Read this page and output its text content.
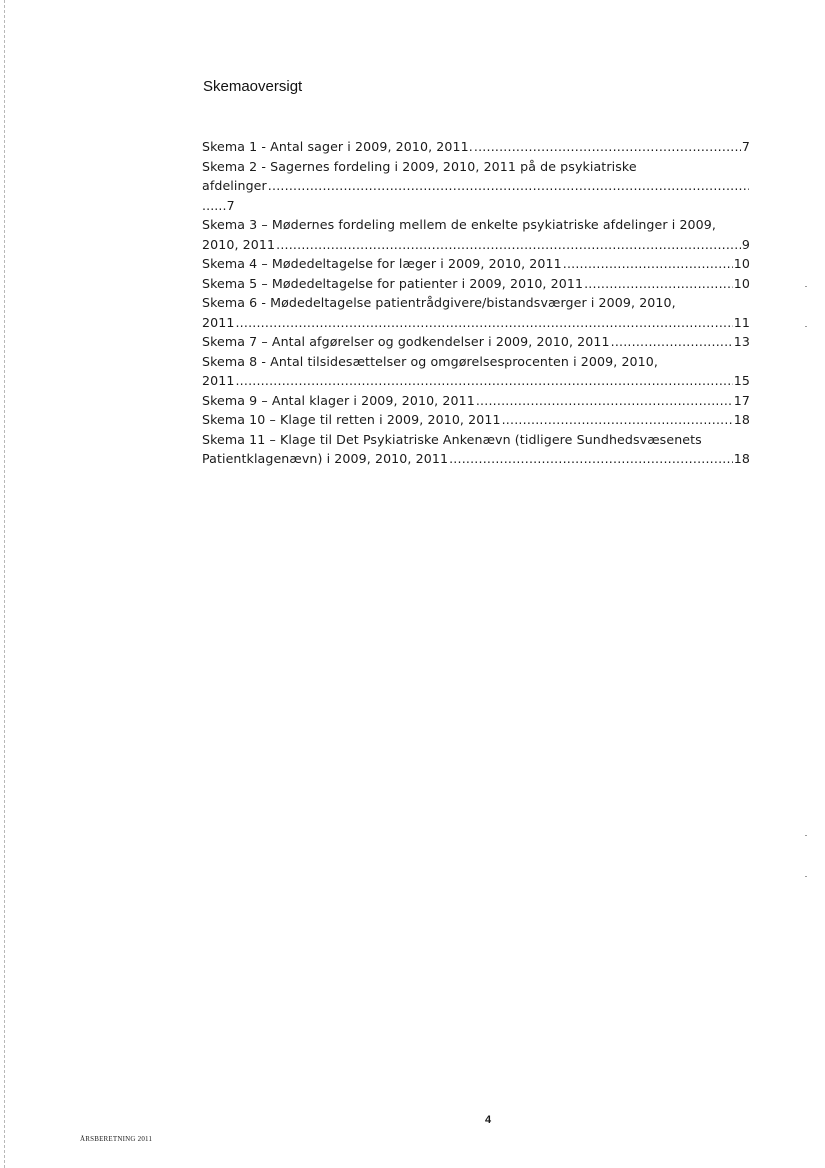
Skemaoversigt
Skema 1 - Antal sager i 2009, 2010, 2011. .....	7
Skema 2 - Sagernes fordeling i 2009, 2010, 2011 på de psykiatriske
afdelinger
.....
......7
Skema 3 – Mødernes fordeling mellem de enkelte psykiatriske afdelinger i 2009,
2010, 2011 .....	9
Skema 4 – Mødedeltagelse for læger i 2009, 2010, 2011 .....	10
Skema 5 – Mødedeltagelse for patienter i 2009, 2010, 2011 .....	10
Skema 6 - Mødedeltagelse patientrådgivere/bistandsværger i 2009, 2010,
2011 .....	11
Skema 7 – Antal afgørelser og godkendelser i 2009, 2010, 2011 .....	13
Skema 8 - Antal tilsidesættelser og omgørelsesprocenten i 2009, 2010,
2011 .....	15
Skema 9 – Antal klager i 2009, 2010, 2011 .....	17
Skema 10 – Klage til retten i 2009, 2010, 2011 .....	18
Skema 11 – Klage til Det Psykiatriske Ankenævn (tidligere Sundhedsvæsenets
Patientklagenævn) i 2009, 2010, 2011 .....	18
4
ÅRSBERETNING 2011
